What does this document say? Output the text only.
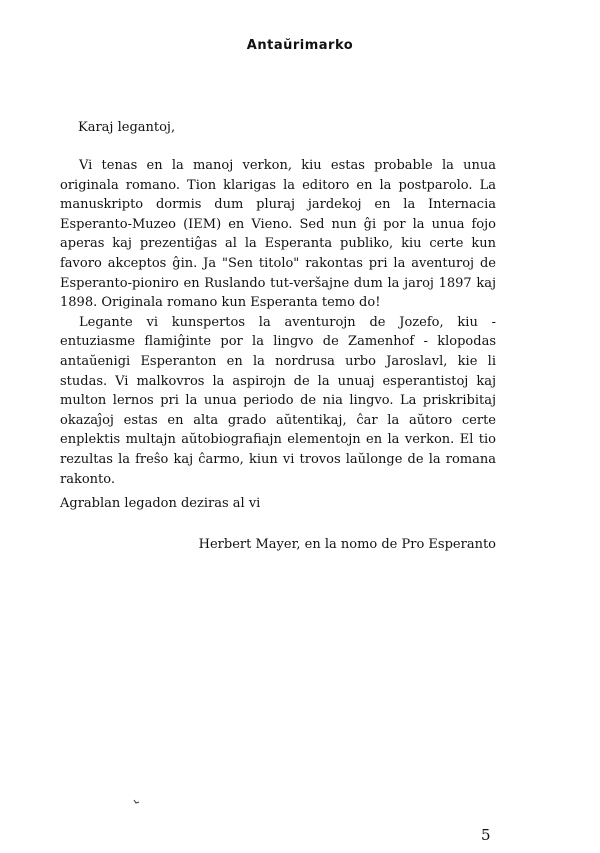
Antaŭrimarko
Karaj legantoj,

Vi tenas en la manoj verkon, kiu estas probable la unua originala romano. Tion klarigas la editoro en la postparolo. La manuskripto dormis dum pluraj jardekoj en la Internacia Esperanto-Muzeo (IEM) en Vieno. Sed nun ĝi por la unua fojo aperas kaj prezentiĝas al la Esperanta publiko, kiu certe kun favoro akceptos ĝin. Ja "Sen titolo" rakontas pri la aventuroj de Esperanto-pioniro en Ruslando tut-veršajne dum la jaroj 1897 kaj 1898. Originala romano kun Esperanta temo do!

Legante vi kunspertos la aventurojn de Jozefo, kiu - entuziasme flamiĝinte por la lingvo de Zamenhof - klopodas antaŭenigi Esperanton en la nordrusa urbo Jaroslavl, kie li studas. Vi malkovros la aspirojn de la unuaj esperantistoj kaj multon lernos pri la unua periodo de nia lingvo. La priskribitaj okazaĵoj estas en alta grado aŭtentikaj, ĉar la aŭtoro certe enplektis multajn aŭtobiografiajn elementojn en la verkon. El tio rezultas la freŝo kaj ĉarmo, kiun vi trovos laŭlonge de la romana rakonto.

Agrablan legadon deziras al vi
Herbert Mayer, en la nomo de Pro Esperanto
5
